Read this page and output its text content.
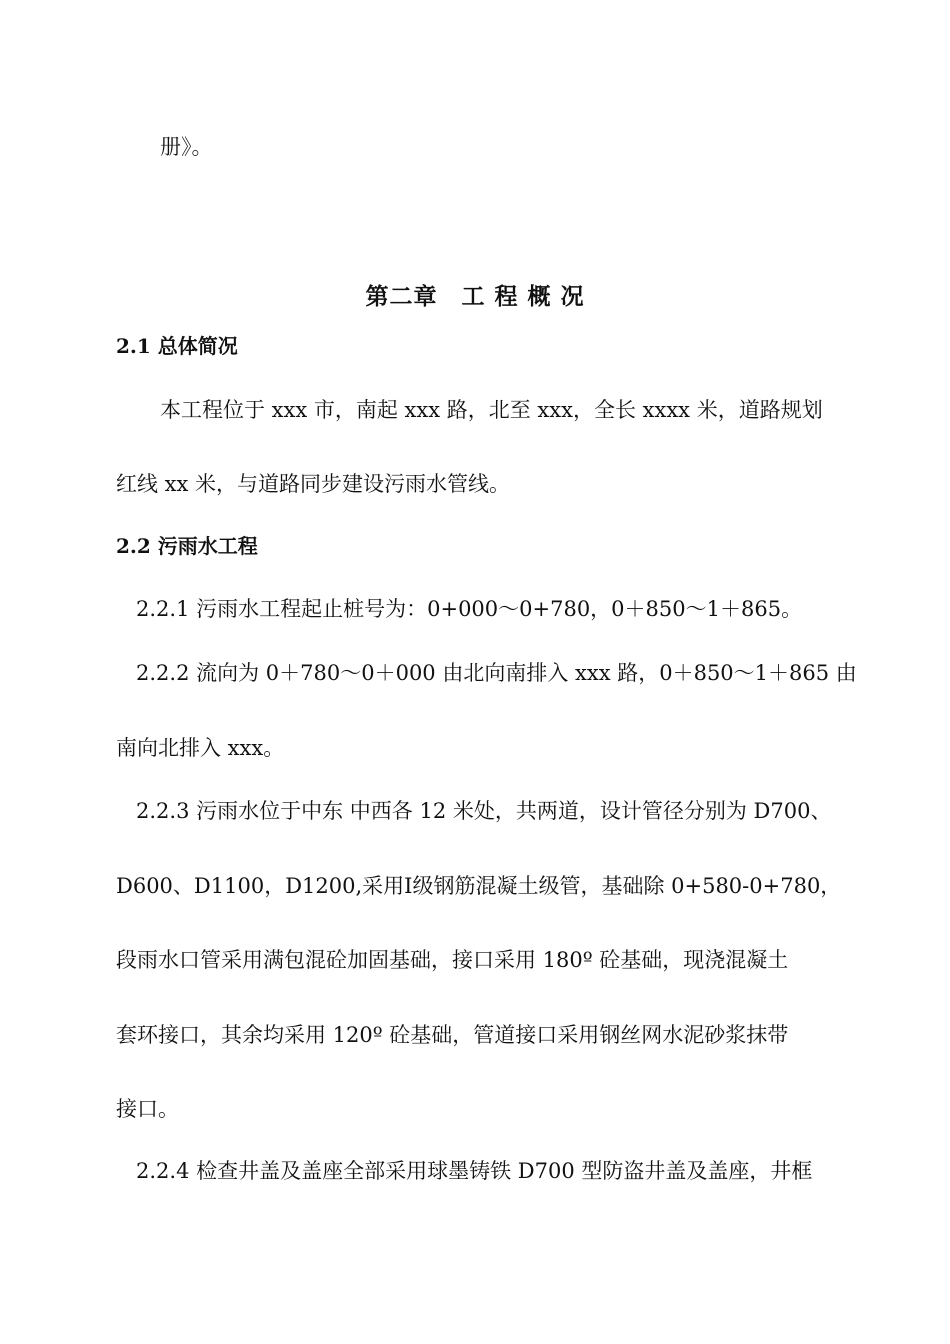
册》。
第二章　工 程 概 况
2.1 总体简况
本工程位于 xxx 市，南起 xxx 路，北至 xxx，全长 xxxx 米，道路规划
红线 xx 米，与道路同步建设污雨水管线。
2.2 污雨水工程
2.2.1 污雨水工程起止桩号为：0+000～0+780，0＋850～1＋865。
2.2.2 流向为 0＋780～0＋000 由北向南排入 xxx 路，0＋850～1＋865 由
南向北排入 xxx。
2.2.3 污雨水位于中东 中西各 12 米处，共两道，设计管径分别为 D700、
D600、D1100，D1200,采用Ⅰ级钢筋混凝土级管，基础除 0+580-0+780，
段雨水口管采用满包混砼加固基础，接口采用 180º 砼基础，现浇混凝土
套环接口，其余均采用 120º 砼基础，管道接口采用钢丝网水泥砂浆抹带
接口。
2.2.4 检查井盖及盖座全部采用球墨铸铁 D700 型防盗井盖及盖座，井框
